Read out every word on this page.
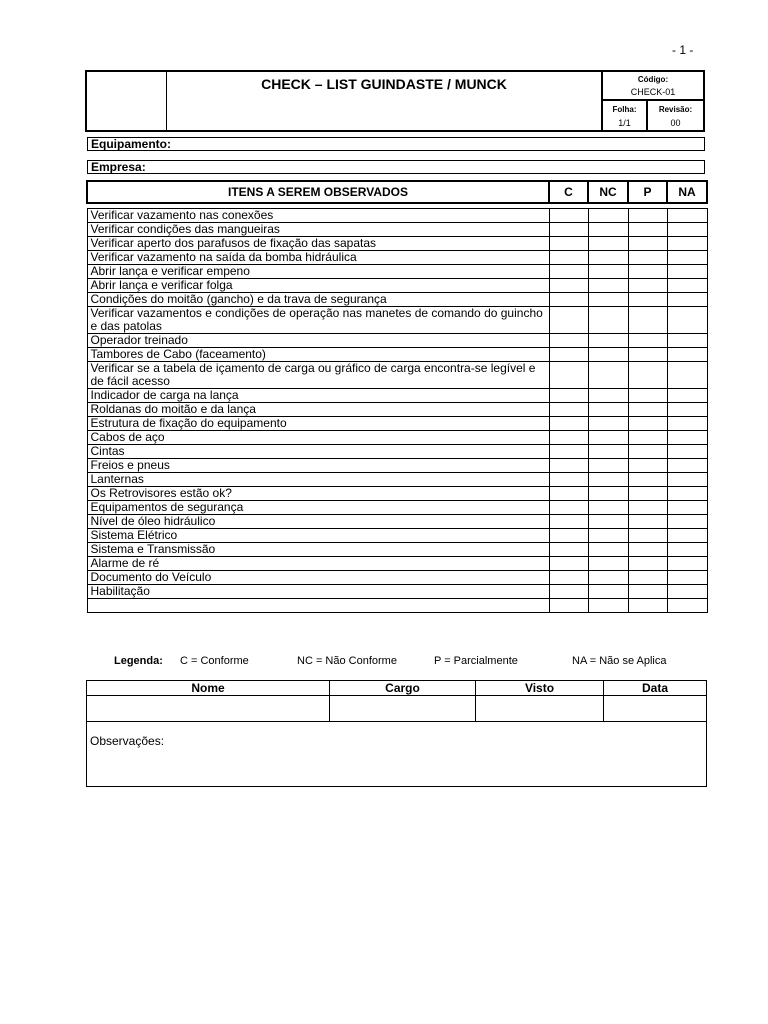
- 1 -
CHECK – LIST GUINDASTE / MUNCK	Código:
CHECK-01
Folha:
1/1
Revisão:
00
Equipamento:
Empresa:
ITENS A SEREM OBSERVADOS	C	NC	P	NA

Verificar vazamento nas conexões				
Verificar condições das mangueiras				
Verificar aperto dos parafusos de fixação das sapatas				
Verificar vazamento na saída da bomba hidráulica				
Abrir lança e verificar empeno				
Abrir lança e verificar folga				
Condições do moitão (gancho) e da trava de segurança				
Verificar vazamentos e condições de operação nas manetes de comando do guincho e das patolas				
Operador treinado				
Tambores de Cabo (faceamento)				
Verificar se a tabela de içamento de carga ou gráfico de carga encontra-se legível e de fácil acesso				
Indicador de carga na lança				
Roldanas do moitão e da lança				
Estrutura de fixação do equipamento				
Cabos de aço				
Cintas				
Freios e pneus				
Lanternas				
Os Retrovisores estão ok?				
Equipamentos de segurança				
Nível de óleo hidráulico				
Sistema Elétrico				
Sistema e Transmissão				
Alarme de ré				
Documento do Veículo				
Habilitação				

Legenda: C = Conforme	NC = Não Conforme	P = Parcialmente	NA = Não se Aplica
Nome	Cargo	Visto	Data

Observações:			
